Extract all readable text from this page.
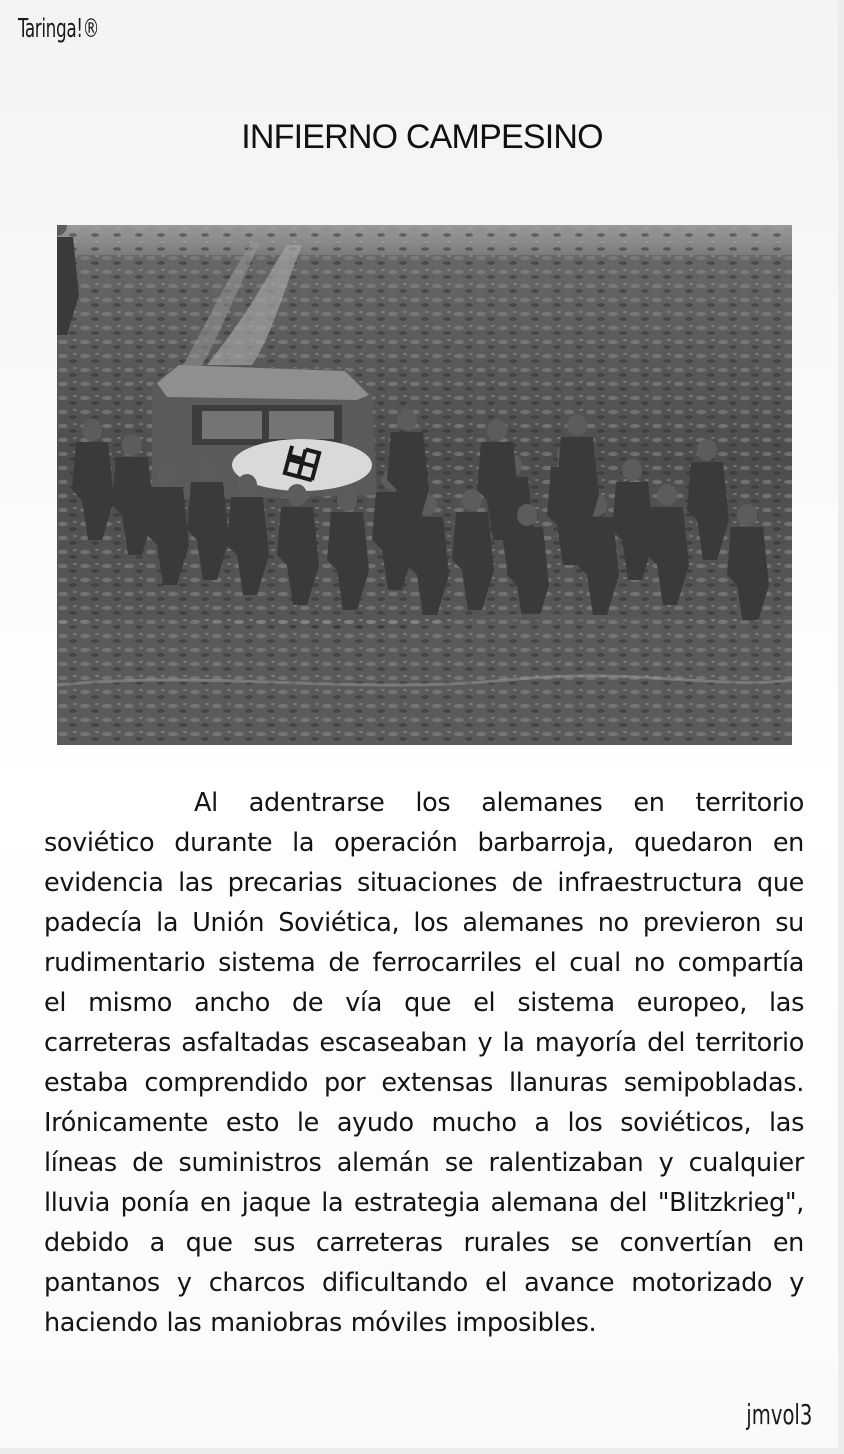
Taringa!®
INFIERNO CAMPESINO

Al adentrarse los alemanes en territorio soviético durante la operación barbarroja, quedaron en evidencia las precarias situaciones de infraestructura que padecía la Unión Soviética, los alemanes no previeron su rudimentario sistema de ferrocarriles el cual no compartía el mismo ancho de vía que el sistema europeo, las carreteras asfaltadas escaseaban y la mayoría del territorio estaba comprendido por extensas llanuras semipobladas. Irónicamente esto le ayudo mucho a los soviéticos, las líneas de suministros alemán se ralentizaban y cualquier lluvia ponía en jaque la estrategia alemana del "Blitzkrieg", debido a que sus carreteras rurales se convertían en pantanos y charcos dificultando el avance motorizado y haciendo las maniobras móviles imposibles.

jmvol3
